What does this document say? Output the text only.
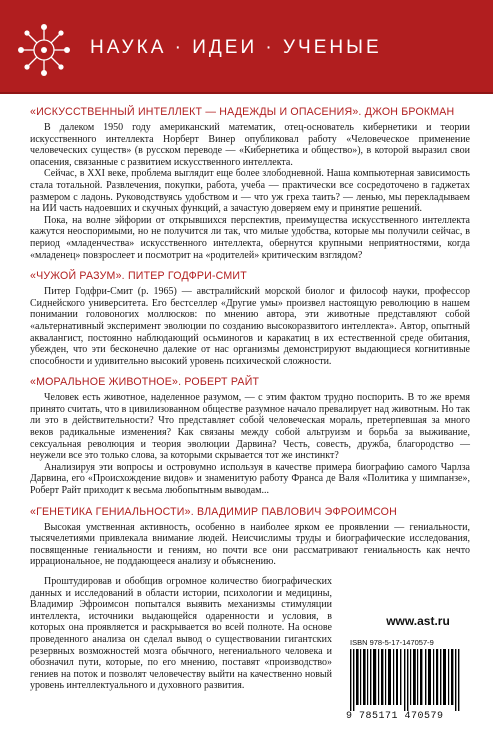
НАУКА · ИДЕИ · УЧЕНЫЕ
«ИСКУССТВЕННЫЙ ИНТЕЛЛЕКТ — НАДЕЖДЫ И ОПАСЕНИЯ». ДЖОН БРОКМАН

В далеком 1950 году американский математик, отец-основатель кибернетики и теории искусственного интеллекта Норберт Винер опубликовал работу «Человеческое применение человеческих существ» (в русском переводе — «Кибернетика и общество»), в которой выразил свои опасения, связанные с развитием искусственного интеллекта.

Сейчас, в XXI веке, проблема выглядит еще более злободневной. Наша компьютерная зависимость стала тотальной. Развлечения, покупки, работа, учеба — практически все сосредоточено в гаджетах размером с ладонь. Руководствуясь удобством и — что уж греха таить? — ленью, мы перекладываем на ИИ часть надоевших и скучных функций, а зачастую доверяем ему и принятие решений.

Пока, на волне эйфории от открывшихся перспектив, преимущества искусственного интеллекта кажутся неоспоримыми, но не получится ли так, что милые удобства, которые мы получили сейчас, в период «младенчества» искусственного интеллекта, обернутся крупными неприятностями, когда «младенец» повзрослеет и посмотрит на «родителей» критическим взглядом?

«ЧУЖОЙ РАЗУМ». ПИТЕР ГОДФРИ-СМИТ

Питер Годфри-Смит (р. 1965) — австралийский морской биолог и философ науки, профессор Сиднейского университета. Его бестселлер «Другие умы» произвел настоящую революцию в нашем понимании головоногих моллюсков: по мнению автора, эти животные представляют собой «альтернативный эксперимент эволюции по созданию высокоразвитого интеллекта». Автор, опытный аквалангист, постоянно наблюдающий осьминогов и каракатиц в их естественной среде обитания, убежден, что эти бесконечно далекие от нас организмы демонстрируют выдающиеся когнитивные способности и удивительно высокий уровень психической сложности.

«МОРАЛЬНОЕ ЖИВОТНОЕ». РОБЕРТ РАЙТ

Человек есть животное, наделенное разумом, — с этим фактом трудно поспорить. В то же время принято считать, что в цивилизованном обществе разумное начало превалирует над животным. Но так ли это в действительности? Что представляет собой человеческая мораль, претерпевшая за много веков радикальные изменения? Как связаны между собой альтруизм и борьба за выживание, сексуальная революция и теория эволюции Дарвина? Честь, совесть, дружба, благородство — неужели все это только слова, за которыми скрывается тот же инстинкт?

Анализируя эти вопросы и островумно используя в качестве примера биографию самого Чарлза Дарвина, его «Происхождение видов» и знаменитую работу Франса де Валя «Политика у шимпанзе», Роберт Райт приходит к весьма любопытным выводам...

«ГЕНЕТИКА ГЕНИАЛЬНОСТИ». ВЛАДИМИР ПАВЛОВИЧ ЭФРОИМСОН

Высокая умственная активность, особенно в наиболее ярком ее проявлении — гениальности, тысячелетиями привлекала внимание людей. Неисчислимы труды и биографические исследования, посвященные гениальности и гениям, но почти все они рассматривают гениальность как нечто иррациональное, не поддающееся анализу и объяснению.

Проштудировав и обобщив огромное количество биографических данных и исследований в области истории, психологии и медицины, Владимир Эфроимсон попытался выявить механизмы стимуляции интеллекта, источники выдающейся одаренности и условия, в которых она проявляется и раскрывается во всей полноте. На основе проведенного анализа он сделал вывод о существовании гигантских резервных возможностей мозга обычного, негениального человека и обозначил пути, которые, по его мнению, поставят «производство» гениев на поток и позволят человечеству выйти на качественно новый уровень интеллектуального и духовного развития.

www.ast.ru
ISBN 978-5-17-147057-9
9 785171 470579
